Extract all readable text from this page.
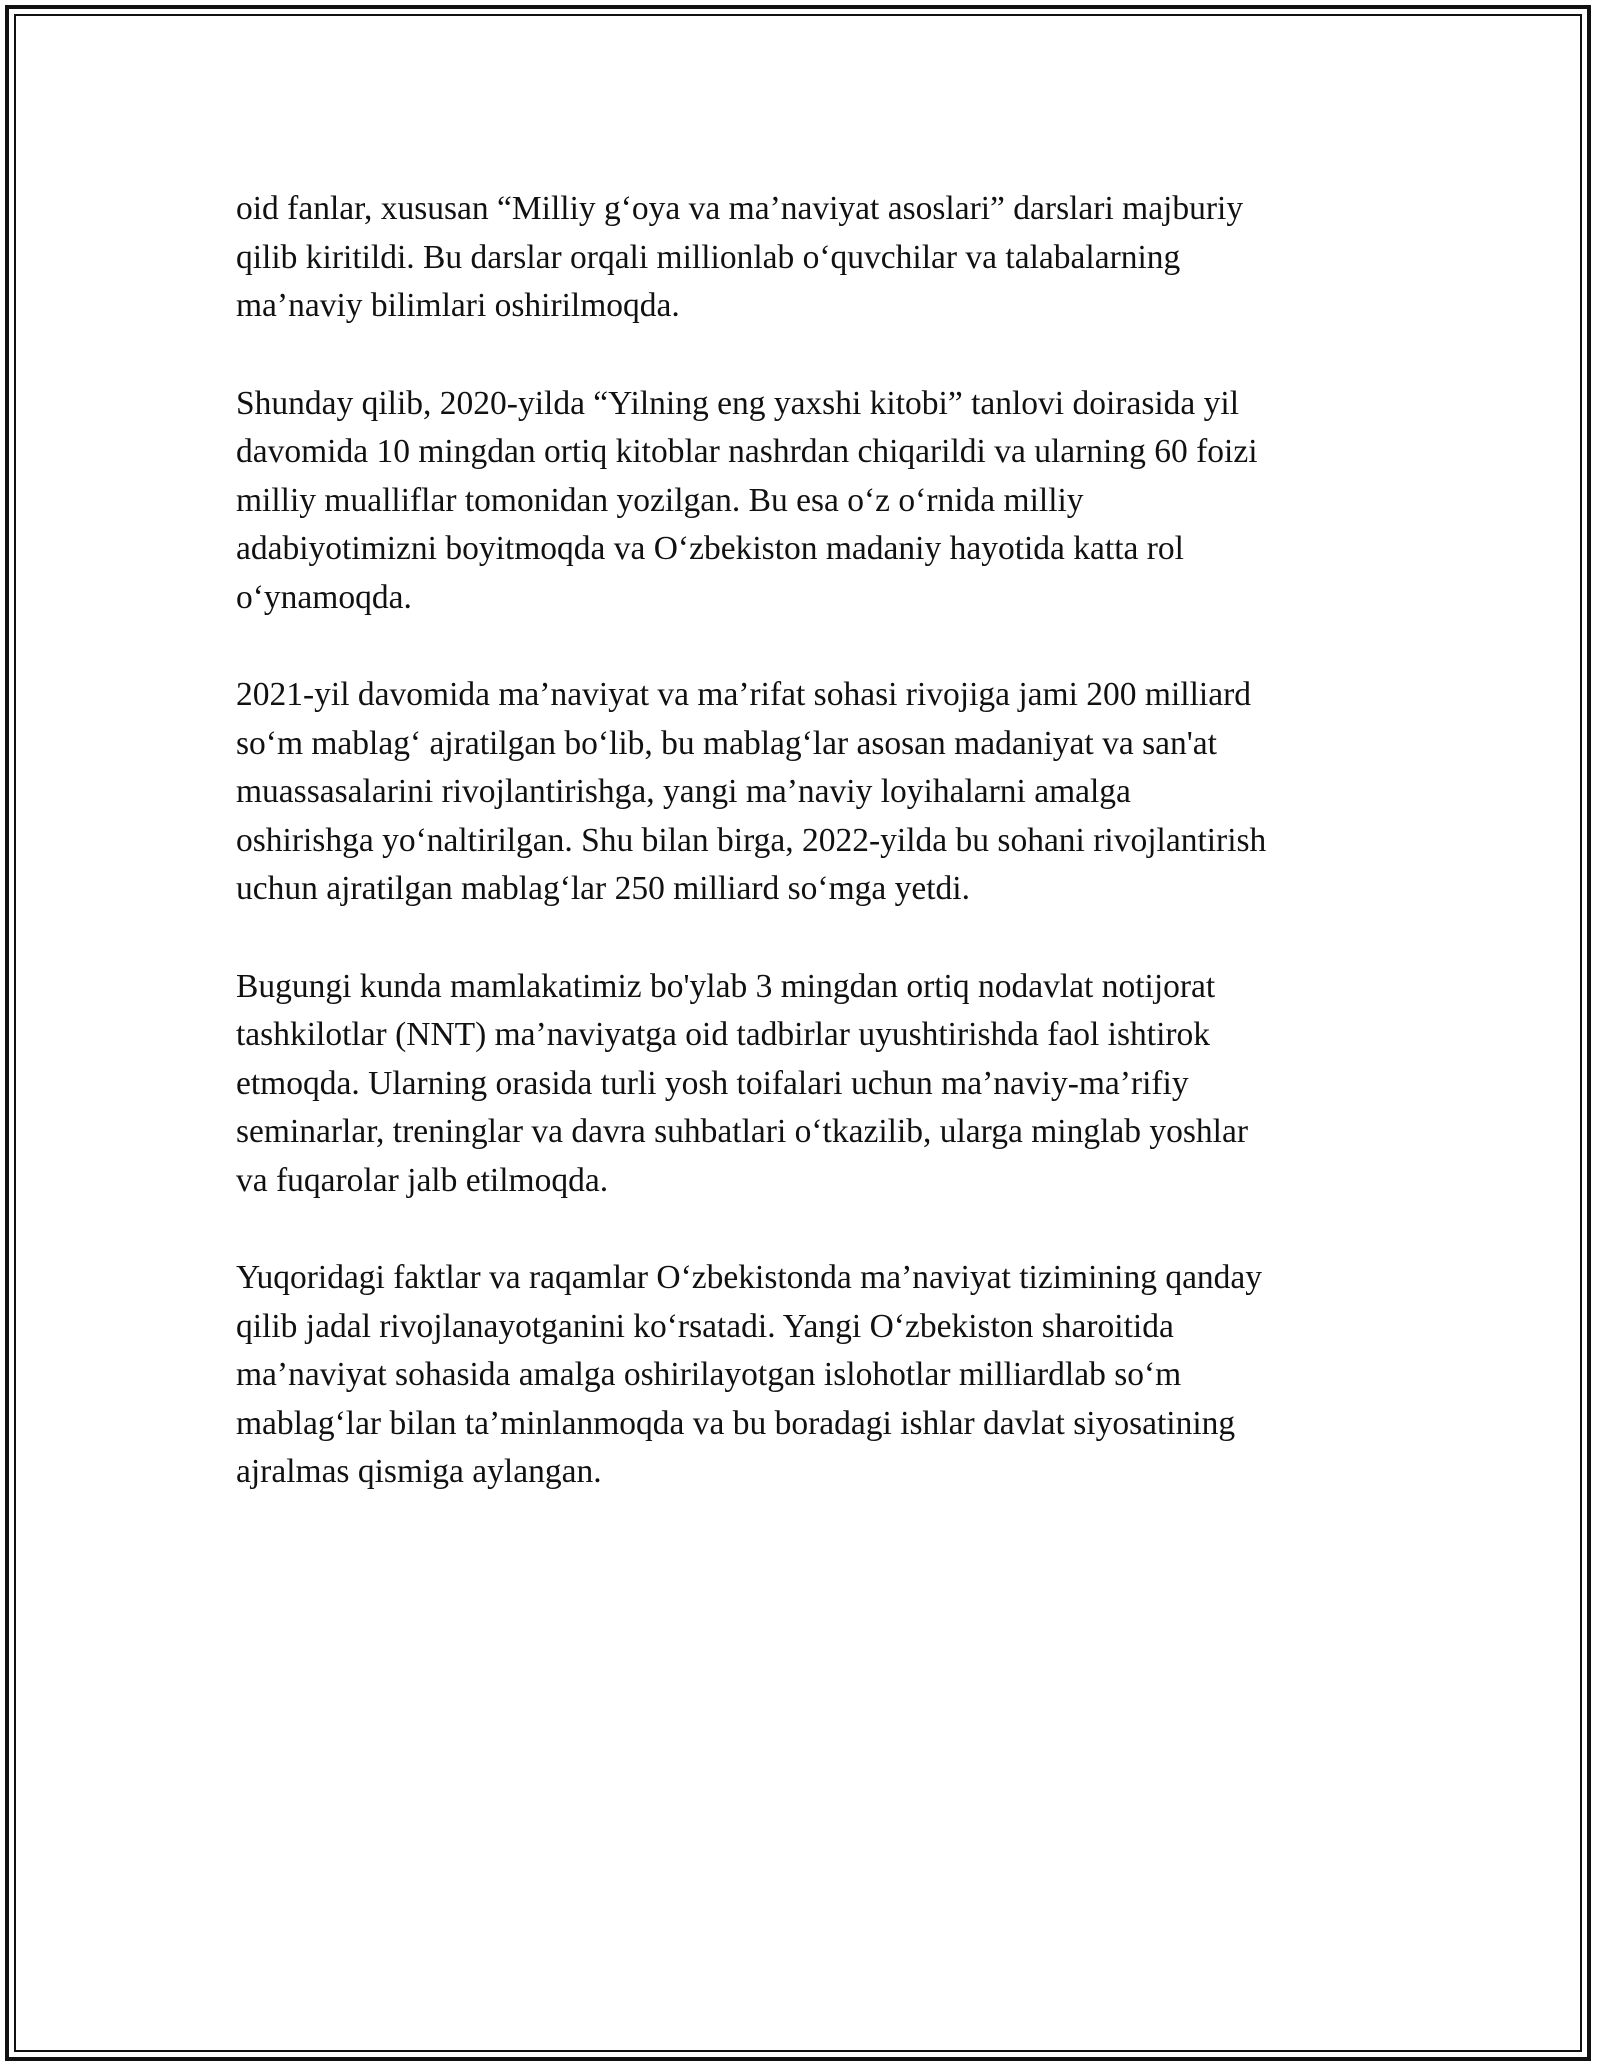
oid fanlar, xususan “Milliy g‘oya va ma’naviyat asoslari” darslari majburiy
qilib kiritildi. Bu darslar orqali millionlab o‘quvchilar va talabalarning
ma’naviy bilimlari oshirilmoqda.

Shunday qilib, 2020-yilda “Yilning eng yaxshi kitobi” tanlovi doirasida yil
davomida 10 mingdan ortiq kitoblar nashrdan chiqarildi va ularning 60 foizi
milliy mualliflar tomonidan yozilgan. Bu esa o‘z o‘rnida milliy
adabiyotimizni boyitmoqda va O‘zbekiston madaniy hayotida katta rol
o‘ynamoqda.

2021-yil davomida ma’naviyat va ma’rifat sohasi rivojiga jami 200 milliard
so‘m mablag‘ ajratilgan bo‘lib, bu mablag‘lar asosan madaniyat va san'at
muassasalarini rivojlantirishga, yangi ma’naviy loyihalarni amalga
oshirishga yo‘naltirilgan. Shu bilan birga, 2022-yilda bu sohani rivojlantirish
uchun ajratilgan mablag‘lar 250 milliard so‘mga yetdi.

Bugungi kunda mamlakatimiz bo'ylab 3 mingdan ortiq nodavlat notijorat
tashkilotlar (NNT) ma’naviyatga oid tadbirlar uyushtirishda faol ishtirok
etmoqda. Ularning orasida turli yosh toifalari uchun ma’naviy-ma’rifiy
seminarlar, treninglar va davra suhbatlari o‘tkazilib, ularga minglab yoshlar
va fuqarolar jalb etilmoqda.

Yuqoridagi faktlar va raqamlar O‘zbekistonda ma’naviyat tizimining qanday
qilib jadal rivojlanayotganini ko‘rsatadi. Yangi O‘zbekiston sharoitida
ma’naviyat sohasida amalga oshirilayotgan islohotlar milliardlab so‘m
mablag‘lar bilan ta’minlanmoqda va bu boradagi ishlar davlat siyosatining
ajralmas qismiga aylangan.
